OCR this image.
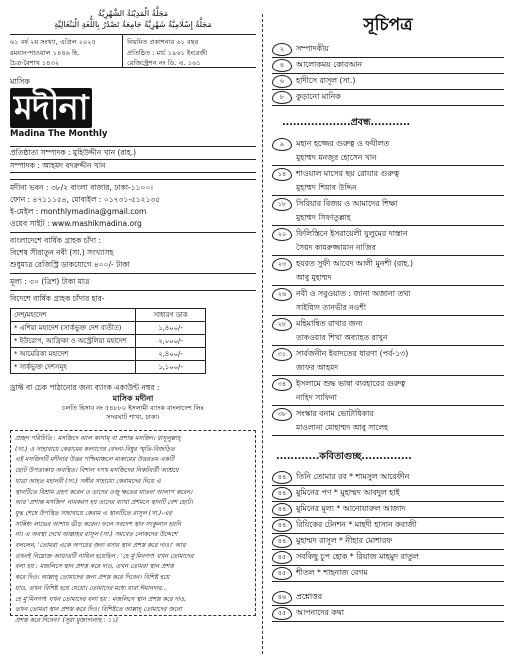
مَجَلَّةُ الْمَدِيْنَةُ الشَّهْرِيَّةُ
مَجَلَّةُ إِسْلَامِيَّةُ شَهْرِيَّةُ جَامِعَةُ تَصْدُرُ بِاللُّغَةِ الْبَنْغَالِيَّةِ
৬১ বর্ষ ২য় সংখ্যা, এপ্রিল ২০২৫
রমযান-শাওয়াল ১৪৪৬ হি.
চৈত্র-বৈশাখ ১৪৩২
নিয়মিত প্রকাশনার ৬১ বছর
প্রতিষ্ঠিত : মার্চ ১৯৬১ ইংরেজী
রেজিস্ট্রেশন নং ডি. এ. ১৬১
মাসিক
মদীনা
Madina The Monthly
প্রতিষ্ঠাতা সম্পাদক : মুহিউদ্দীন খান (রাহ.)
সম্পাদক : আহমদ বদরুদ্দীন খান
মদীনা ভবন : ৩৮/২ বাংলা বাজার, ঢাকা-১১০০।
ফোন : ৪৭১১১৫৪, মোবাইল : ০১৭৩১-৫১২১৩৫
ই-মেইল : monthlymadina@gmail.com
ওয়েব সাইট : www.mashikmadina.org
বাংলাদেশে বার্ষিক গ্রাহক চাঁদা :
বিশেষ সীরাতুন নবী (সা.) সংখ্যাসহ
শুধুমাত্র রেজিস্ট্রি ডাকযোগে ৪০০/- টাকা
মূল্য : ৩০ (ত্রিশ) টাকা মাত্র
বিদেশে বার্ষিক গ্রাহক চাঁদার হার-
দেশ/মহাদেশ	সাধারণ ডাক
* এশিয়া মহাদেশ (সার্কভুক্ত দেশ ব্যতীত)	১,৪০০/-
* ইউরোপ, আফ্রিকা ও অস্ট্রেলিয়া মহাদেশ	২,০০০/-
* আমেরিকা মহাদেশ	২,৪০০/-
* সার্কভুক্ত দেশসমূহ	১,১০০/-
ড্রাফ্ট বা চেক পাঠানোর জন্য ব্যাংক একাউন্ট নম্বর :
মাসিক মদীনা
চলতি হিসাব নং ৫৪৮৮০ ইসলামী ব্যাংক বাংলাদেশ লিঃ
সদরঘাট শাখা, ঢাকা।
প্রচ্ছদ পরিচিতি : মসজিদে আল কাসাম্‌ বা প্রশান্ত মসজিদ। রাসূলুল্লাহ্‌
(সা.) ও সাহাবায়ে কেরামের কল্যাণের বেদনা-বিধুর স্মৃতি-বিজড়িত
এই মসজিদটি মদীনার উত্তর পশ্চিমাঞ্চলে মাকামের উত্তরতম একটি
ছোট উপত্যকায় অবস্থিত। বিশাল ৎপথ মসজিদের নিকটবর্তী আশ্রয়ে
যাত্রা আহত মহানবী (সা.) সঙ্গীর সাহায্যে কেরামদের নিয়ে এ
স্থানটিতে বিশ্রাম গ্রহণ করেন ও তাদের ওজু ক্ষতের যাতনা আলাপ করেন।
আর 'প্রশান্ত মসজিদ' নামকরণ হয় তাদের ব্যাথা প্রশমনে স্থানটি বেশ ছোট।
যুদ্ধ শেষে উপস্থিত সাহাবায়ে কেরাম এ স্থানটিতে রাসূল (সা.)-এর
সান্নিধ্য লাভের আশায় ভীড় করেন। ফলে সবদেশ স্থান সংকুলান হয়নি
না। এ অবস্থা দেখে আল্লাহর রাসূল (সা.) সমবেত লোকদের উদ্দেশে
বললেন, 'তোমরা একে অপরের জন্য বসার স্থান প্রশস্ত করে দাও।' আর
তখনই নিম্নোক্ত আয়াতটি নাযিল হয়েছিল : 'হে মু'মিনগণ! যখন তোমাদের
বলা হয় : মজলিসে স্থান প্রশস্ত করে দাও, তখন তোমরা স্থান প্রশস্ত
করে দিও। আল্লাহ্‌ তোমাদের জন্য প্রশস্ত করে দিবেন। বিশিষ্ট হয়ে
যাও, তখন বিশিষ্ট হয়ে যেয়ো। তোমাদের মধ্যে যারা ঈমানদার...
হে মু'মিনগণ! যখন তোমাদের বলা হয় : মজলিসে স্থান প্রশস্ত করে দাও,
তখন তোমরা স্থান প্রশস্ত করে দিও। বিশিষ্টতে আল্লাহ্‌ তোমাদের জন্যে
প্রশস্ত করে দিবেন।' (সূরা মুজাদালাহ : ১১)
সূচিপত্র
২	সম্পাদকীয়
৪	আলোকময় কোরআন
৬	হাদীসে রাসূল (সা.)
৮	কুড়ানো মানিক
...................প্রবন্ধ...........
৯	মহান হজ্জের গুরুত্ব ও ফযীলত
মুহাম্মদ মনজুর হোসেন খান
১৪	শাওয়াল মাসের ছয় রোযার গুরুত্ব
মুহাম্মদ শিয়াব উদ্দিন
১৮	সিরিয়ার বিজয় ও আমাদের শিক্ষা
মুহাম্মদ সিফাতুল্লাহ
২০	ফিলিস্তিনে ইসরায়েলী যুলুমের দাস্তান
সৈয়দ কামরুজ্জামান নাজির
২৩	হযরত সুফী আবেদ আলী মুনশী (রাহ.)
আবু মুহাম্মদ
২৬	নবী ও সবুওয়াত : জানা অজানা তথ্য
সাইয়্যিদ তানভীর নওশী
২৮	মহিমান্বিত রাখার জন্য
তাকওয়ার শিখা অব্যাহত রাখুন
৩১	সার্বজনীন ইবাদতের ধারণা (পর্ব-১৩)
জাফর আহমদ
৩৪	ইসলামে শুদ্ধ ভাষা ব্যবহারের গুরুত্ব
নাহিদ সাফিনা
৩৮	সংস্কার বনাম ভোটাধিকার
মাওলানা মোহাম্মদ আবু সালেহ
............কবিতাগুচ্ছ..............
৪৪	তিনি তোমার রব * শামসুল আরেফীন
৪৪	মুমিনের পণ * মুহাম্মদ আবদুল হাই
৪৪	মুমিনের মূল্য * আনোয়ারুল আজাদ
৪৪	রিযিকের টেনশন * মাহদী হাসান কবাজী
৪৪	মুহাম্মদ রাসূল * নীহার মোশারফ
৪৫	সবকিছু চুপ হোক * রিয়াজ মাহমুদ রাতুল
৪৫	শীতল * শাহনাজ বেগম
৪৬	প্রশ্নোত্তর
৫৫	আপনাদের কথা
